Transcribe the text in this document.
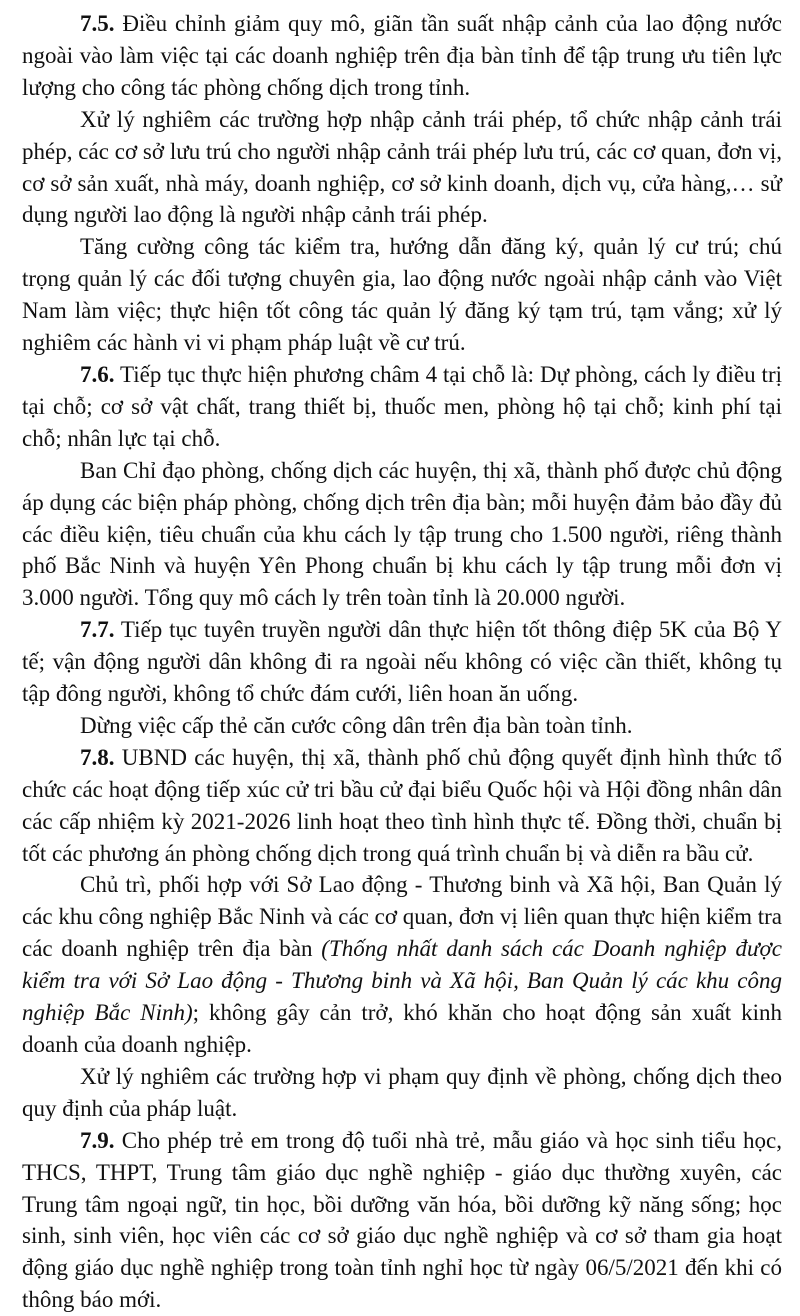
7.5. Điều chỉnh giảm quy mô, giãn tần suất nhập cảnh của lao động nước ngoài vào làm việc tại các doanh nghiệp trên địa bàn tỉnh để tập trung ưu tiên lực lượng cho công tác phòng chống dịch trong tỉnh.

Xử lý nghiêm các trường hợp nhập cảnh trái phép, tổ chức nhập cảnh trái phép, các cơ sở lưu trú cho người nhập cảnh trái phép lưu trú, các cơ quan, đơn vị, cơ sở sản xuất, nhà máy, doanh nghiệp, cơ sở kinh doanh, dịch vụ, cửa hàng,… sử dụng người lao động là người nhập cảnh trái phép.

Tăng cường công tác kiểm tra, hướng dẫn đăng ký, quản lý cư trú; chú trọng quản lý các đối tượng chuyên gia, lao động nước ngoài nhập cảnh vào Việt Nam làm việc; thực hiện tốt công tác quản lý đăng ký tạm trú, tạm vắng; xử lý nghiêm các hành vi vi phạm pháp luật về cư trú.

7.6. Tiếp tục thực hiện phương châm 4 tại chỗ là: Dự phòng, cách ly điều trị tại chỗ; cơ sở vật chất, trang thiết bị, thuốc men, phòng hộ tại chỗ; kinh phí tại chỗ; nhân lực tại chỗ.

Ban Chỉ đạo phòng, chống dịch các huyện, thị xã, thành phố được chủ động áp dụng các biện pháp phòng, chống dịch trên địa bàn; mỗi huyện đảm bảo đầy đủ các điều kiện, tiêu chuẩn của khu cách ly tập trung cho 1.500 người, riêng thành phố Bắc Ninh và huyện Yên Phong chuẩn bị khu cách ly tập trung mỗi đơn vị 3.000 người. Tổng quy mô cách ly trên toàn tỉnh là 20.000 người.

7.7. Tiếp tục tuyên truyền người dân thực hiện tốt thông điệp 5K của Bộ Y tế; vận động người dân không đi ra ngoài nếu không có việc cần thiết, không tụ tập đông người, không tổ chức đám cưới, liên hoan ăn uống.

Dừng việc cấp thẻ căn cước công dân trên địa bàn toàn tỉnh.

7.8. UBND các huyện, thị xã, thành phố chủ động quyết định hình thức tổ chức các hoạt động tiếp xúc cử tri bầu cử đại biểu Quốc hội và Hội đồng nhân dân các cấp nhiệm kỳ 2021-2026 linh hoạt theo tình hình thực tế. Đồng thời, chuẩn bị tốt các phương án phòng chống dịch trong quá trình chuẩn bị và diễn ra bầu cử.

Chủ trì, phối hợp với Sở Lao động - Thương binh và Xã hội, Ban Quản lý các khu công nghiệp Bắc Ninh và các cơ quan, đơn vị liên quan thực hiện kiểm tra các doanh nghiệp trên địa bàn (Thống nhất danh sách các Doanh nghiệp được kiểm tra với Sở Lao động - Thương binh và Xã hội, Ban Quản lý các khu công nghiệp Bắc Ninh); không gây cản trở, khó khăn cho hoạt động sản xuất kinh doanh của doanh nghiệp.

Xử lý nghiêm các trường hợp vi phạm quy định về phòng, chống dịch theo quy định của pháp luật.

7.9. Cho phép trẻ em trong độ tuổi nhà trẻ, mẫu giáo và học sinh tiểu học, THCS, THPT, Trung tâm giáo dục nghề nghiệp - giáo dục thường xuyên, các Trung tâm ngoại ngữ, tin học, bồi dưỡng văn hóa, bồi dưỡng kỹ năng sống; học sinh, sinh viên, học viên các cơ sở giáo dục nghề nghiệp và cơ sở tham gia hoạt động giáo dục nghề nghiệp trong toàn tỉnh nghỉ học từ ngày 06/5/2021 đến khi có thông báo mới.
